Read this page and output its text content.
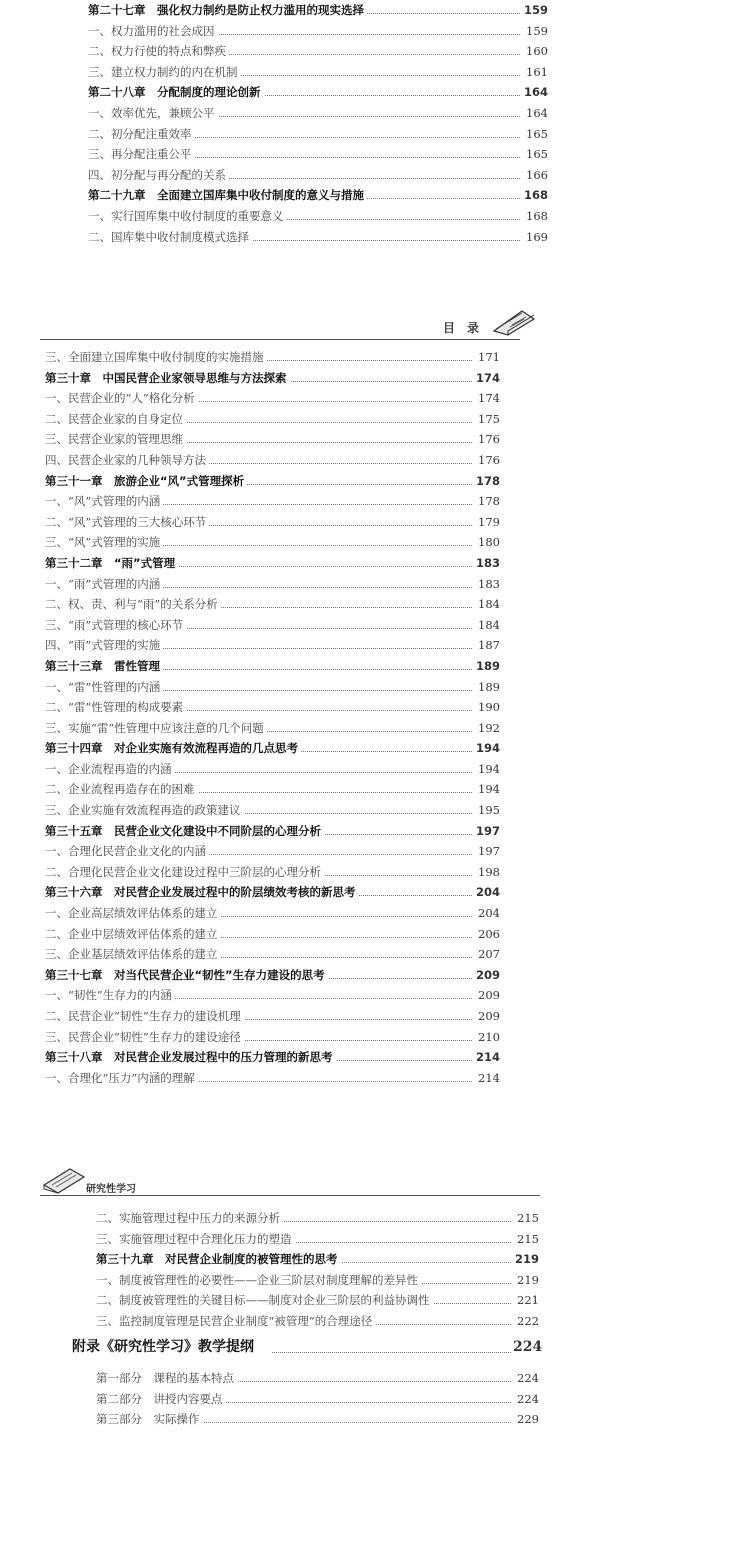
第二十七章　强化权力制约是防止权力滥用的现实选择	159
一、权力滥用的社会成因	159
二、权力行使的特点和弊疾	160
三、建立权力制约的内在机制	161
第二十八章　分配制度的理论创新	164
一、效率优先，兼顾公平	164
二、初分配注重效率	165
三、再分配注重公平	165
四、初分配与再分配的关系	166
第二十九章　全面建立国库集中收付制度的意义与措施	168
一、实行国库集中收付制度的重要意义	168
二、国库集中收付制度模式选择	169
目　录
三、全面建立国库集中收付制度的实施措施	171
第三十章　中国民营企业家领导思维与方法探索	174
一、民营企业的“人”格化分析	174
二、民营企业家的自身定位	175
三、民营企业家的管理思维	176
四、民营企业家的几种领导方法	176
第三十一章　旅游企业“风”式管理探析	178
一、“风”式管理的内涵	178
二、“风”式管理的三大核心环节	179
三、“风”式管理的实施	180
第三十二章　“雨”式管理	183
一、“雨”式管理的内涵	183
二、权、责、利与“雨”的关系分析	184
三、“雨”式管理的核心环节	184
四、“雨”式管理的实施	187
第三十三章　雷性管理	189
一、“雷”性管理的内涵	189
二、“雷”性管理的构成要素	190
三、实施“雷”性管理中应该注意的几个问题	192
第三十四章　对企业实施有效流程再造的几点思考	194
一、企业流程再造的内涵	194
二、企业流程再造存在的困难	194
三、企业实施有效流程再造的政策建议	195
第三十五章　民营企业文化建设中不同阶层的心理分析	197
一、合理化民营企业文化的内涵	197
二、合理化民营企业文化建设过程中三阶层的心理分析	198
第三十六章　对民营企业发展过程中的阶层绩效考核的新思考	204
一、企业高层绩效评估体系的建立	204
二、企业中层绩效评估体系的建立	206
三、企业基层绩效评估体系的建立	207
第三十七章　对当代民营企业“韧性”生存力建设的思考	209
一、“韧性”生存力的内涵	209
二、民营企业“韧性”生存力的建设机理	209
三、民营企业“韧性”生存力的建设途径	210
第三十八章　对民营企业发展过程中的压力管理的新思考	214
一、合理化“压力”内涵的理解	214
研究性学习
二、实施管理过程中压力的来源分析	215
三、实施管理过程中合理化压力的塑造	215
第三十九章　对民营企业制度的被管理性的思考	219
一、制度被管理性的必要性——企业三阶层对制度理解的差异性	219
二、制度被管理性的关键目标——制度对企业三阶层的利益协调性	221
三、监控制度管理是民营企业制度“被管理”的合理途径	222
附录《研究性学习》教学提纲	224
第一部分　课程的基本特点	224
第二部分　讲授内容要点	224
第三部分　实际操作	229
